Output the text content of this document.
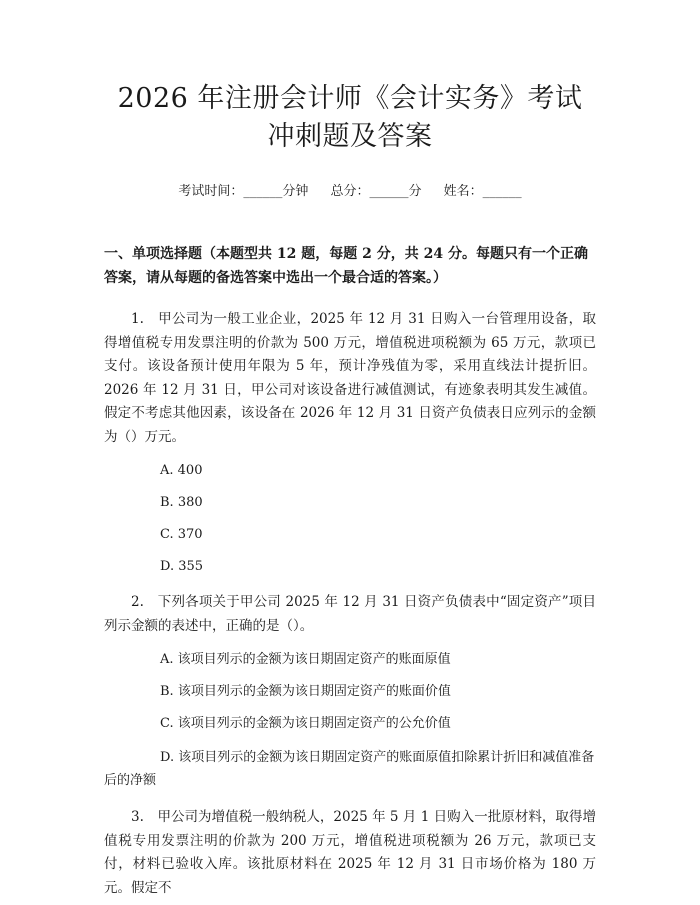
2026 年注册会计师《会计实务》考试冲刺题及答案
考试时间：______分钟 总分：______分 姓名：______
一、单项选择题（本题型共 12 题，每题 2 分，共 24 分。每题只有一个正确答案，请从每题的备选答案中选出一个最合适的答案。）
1.　甲公司为一般工业企业，2025 年 12 月 31 日购入一台管理用设备，取得增值税专用发票注明的价款为 500 万元，增值税进项税额为 65 万元，款项已支付。该设备预计使用年限为 5 年，预计净残值为零，采用直线法计提折旧。2026 年 12 月 31 日，甲公司对该设备进行减值测试，有迹象表明其发生减值。假定不考虑其他因素，该设备在 2026 年 12 月 31 日资产负债表日应列示的金额为（）万元。
A. 400
B. 380
C. 370
D. 355
2.　下列各项关于甲公司 2025 年 12 月 31 日资产负债表中“固定资产”项目列示金额的表述中，正确的是（）。
A. 该项目列示的金额为该日期固定资产的账面原值
B. 该项目列示的金额为该日期固定资产的账面价值
C. 该项目列示的金额为该日期固定资产的公允价值
D. 该项目列示的金额为该日期固定资产的账面原值扣除累计折旧和减值准备后的净额
3.　甲公司为增值税一般纳税人，2025 年 5 月 1 日购入一批原材料，取得增值税专用发票注明的价款为 200 万元，增值税进项税额为 26 万元，款项已支付，材料已验收入库。该批原材料在 2025 年 12 月 31 日市场价格为 180 万元。假定不
